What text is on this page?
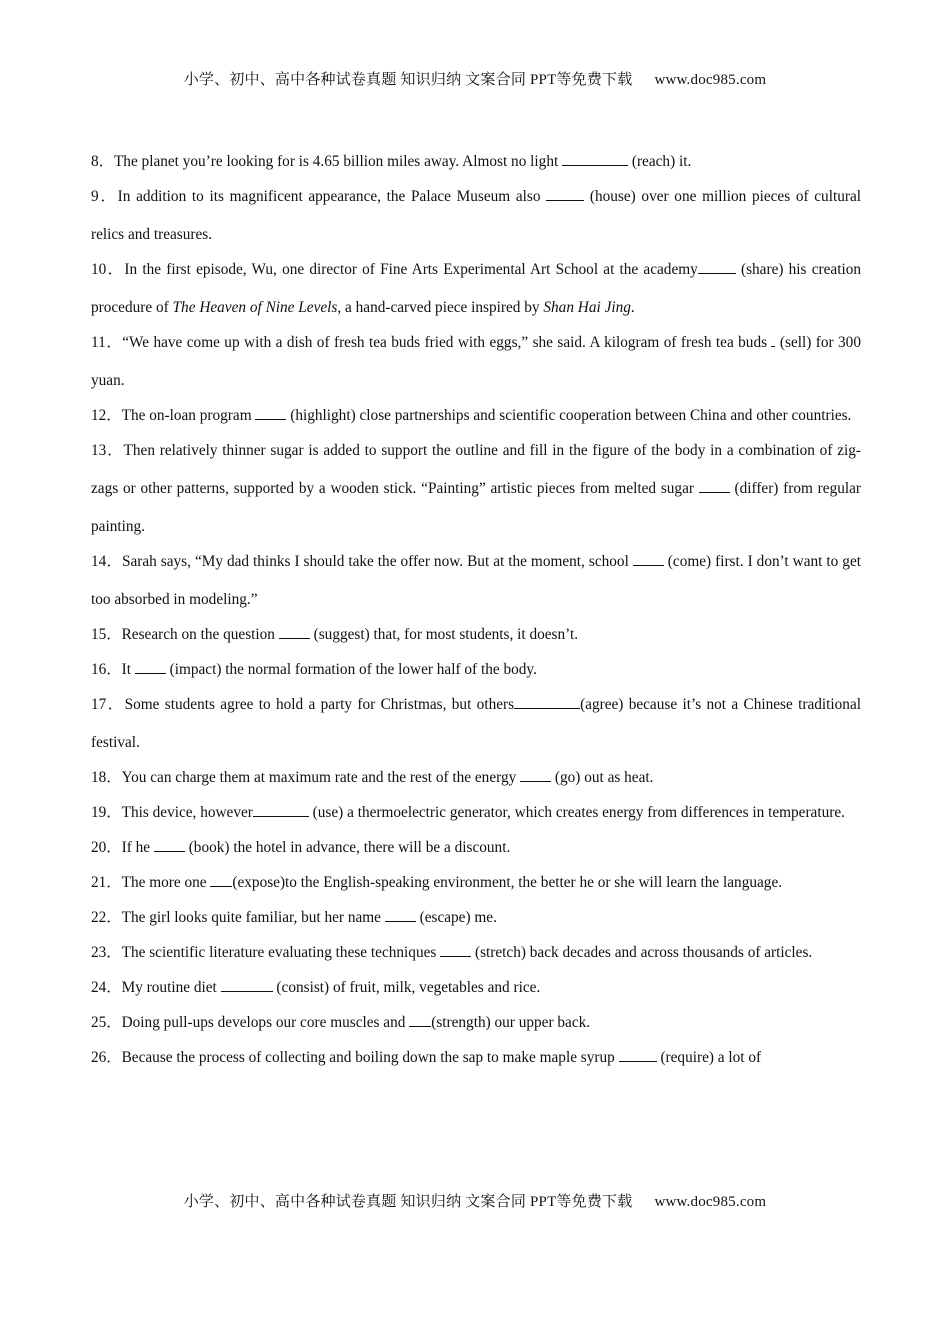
小学、初中、高中各种试卷真题 知识归纳 文案合同 PPT等免费下载 www.doc985.com
8．The planet you’re looking for is 4.65 billion miles away. Almost no light	(reach) it.
9．In addition to its magnificent appearance, the Palace Museum also  (house) over one million pieces of cultural relics and treasures.
10．In the first episode, Wu, one director of Fine Arts Experimental Art School at the academy (share) his creation procedure of The Heaven of Nine Levels, a hand-carved piece inspired by Shan Hai Jing.
11．“We have come up with a dish of fresh tea buds fried with eggs,” she said. A kilogram of fresh tea buds  (sell) for 300 yuan.
12．The on-loan program  (highlight) close partnerships and scientific cooperation between China and other countries.
13．Then relatively thinner sugar is added to support the outline and fill in the figure of the body in a combination of zig-zags or other patterns, supported by a wooden stick. “Painting” artistic pieces from melted sugar  (differ) from regular painting.
14．Sarah says, “My dad thinks I should take the offer now. But at the moment, school  (come) first. I don’t want to get too absorbed in modeling.”
15．Research on the question  (suggest) that, for most students, it doesn’t.
16．It  (impact) the normal formation of the lower half of the body.
17．Some students agree to hold a party for Christmas, but others	(agree) because it’s not a Chinese traditional festival.
18．You can charge them at maximum rate and the rest of the energy  (go) out as heat.
19．This device, however	(use) a thermoelectric generator, which creates energy from differences in temperature.
20．If he  (book) the hotel in advance, there will be a discount.
21．The more one (expose)to the English-speaking environment, the better he or she will learn the language.
22．The girl looks quite familiar, but her name  (escape) me.
23．The scientific literature evaluating these techniques  (stretch) back decades and across thousands of articles.
24．My routine diet	(consist) of fruit, milk, vegetables and rice.
25．Doing pull-ups develops our core muscles and (strength) our upper back.
26．Because the process of collecting and boiling down the sap to make maple syrup  (require) a lot of
小学、初中、高中各种试卷真题 知识归纳 文案合同 PPT等免费下载 www.doc985.com
